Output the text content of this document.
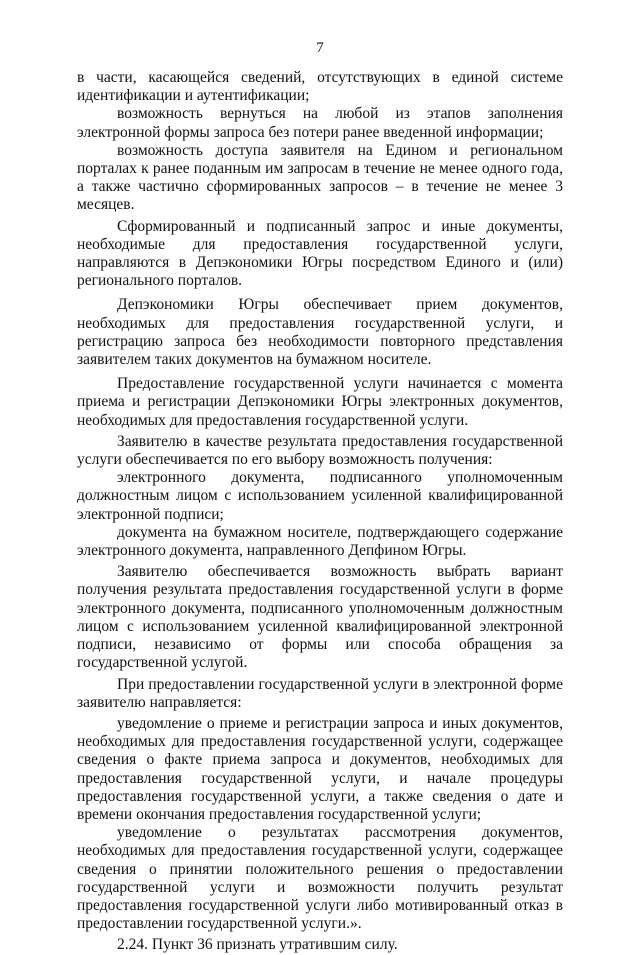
7

в части, касающейся сведений, отсутствующих в единой системе идентификации и аутентификации;

возможность вернуться на любой из этапов заполнения электронной формы запроса без потери ранее введенной информации;

возможность доступа заявителя на Едином и региональном порталах к ранее поданным им запросам в течение не менее одного года, а также частично сформированных запросов – в течение не менее 3 месяцев.

Сформированный и подписанный запрос и иные документы, необходимые для предоставления государственной услуги, направляются в Депэкономики Югры посредством Единого и (или) регионального порталов.

Депэкономики Югры обеспечивает прием документов, необходимых для предоставления государственной услуги, и регистрацию запроса без необходимости повторного представления заявителем таких документов на бумажном носителе.

Предоставление государственной услуги начинается с момента приема и регистрации Депэкономики Югры электронных документов, необходимых для предоставления государственной услуги.

Заявителю в качестве результата предоставления государственной услуги обеспечивается по его выбору возможность получения:

электронного документа, подписанного уполномоченным должностным лицом с использованием усиленной квалифицированной электронной подписи;

документа на бумажном носителе, подтверждающего содержание электронного документа, направленного Депфином Югры.

Заявителю обеспечивается возможность выбрать вариант получения результата предоставления государственной услуги в форме электронного документа, подписанного уполномоченным должностным лицом с использованием усиленной квалифицированной электронной подписи, независимо от формы или способа обращения за государственной услугой.

При предоставлении государственной услуги в электронной форме заявителю направляется:

уведомление о приеме и регистрации запроса и иных документов, необходимых для предоставления государственной услуги, содержащее сведения о факте приема запроса и документов, необходимых для предоставления государственной услуги, и начале процедуры предоставления государственной услуги, а также сведения о дате и времени окончания предоставления государственной услуги;

уведомление о результатах рассмотрения документов, необходимых для предоставления государственной услуги, содержащее сведения о принятии положительного решения о предоставлении государственной услуги и возможности получить результат предоставления государственной услуги либо мотивированный отказ в предоставлении государственной услуги.».

2.24. Пункт 36 признать утратившим силу.
